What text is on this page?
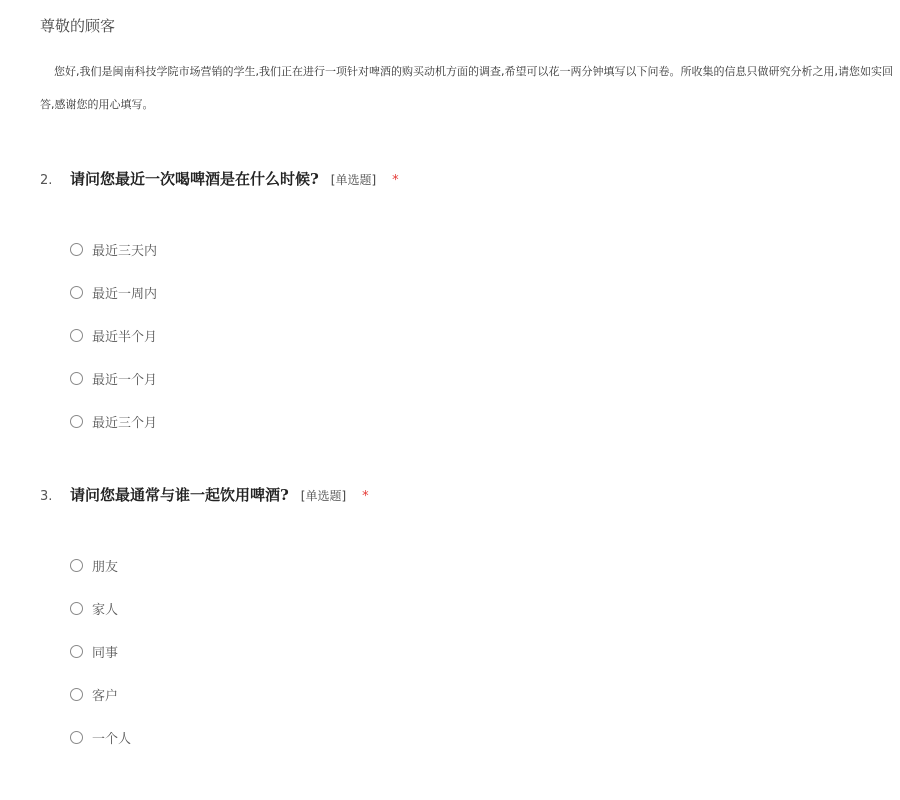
尊敬的顾客

您好,我们是闽南科技学院市场营销的学生,我们正在进行一项针对啤酒的购买动机方面的调查,希望可以花一两分钟填写以下问卷。所收集的信息只做研究分析之用,请您如实回答,感谢您的用心填写。

2.	请问您最近一次喝啤酒是在什么时候? [单选题] *
最近三天内
最近一周内
最近半个月
最近一个月
最近三个月
3.	请问您最通常与谁一起饮用啤酒? [单选题] *
朋友
家人
同事
客户
一个人
